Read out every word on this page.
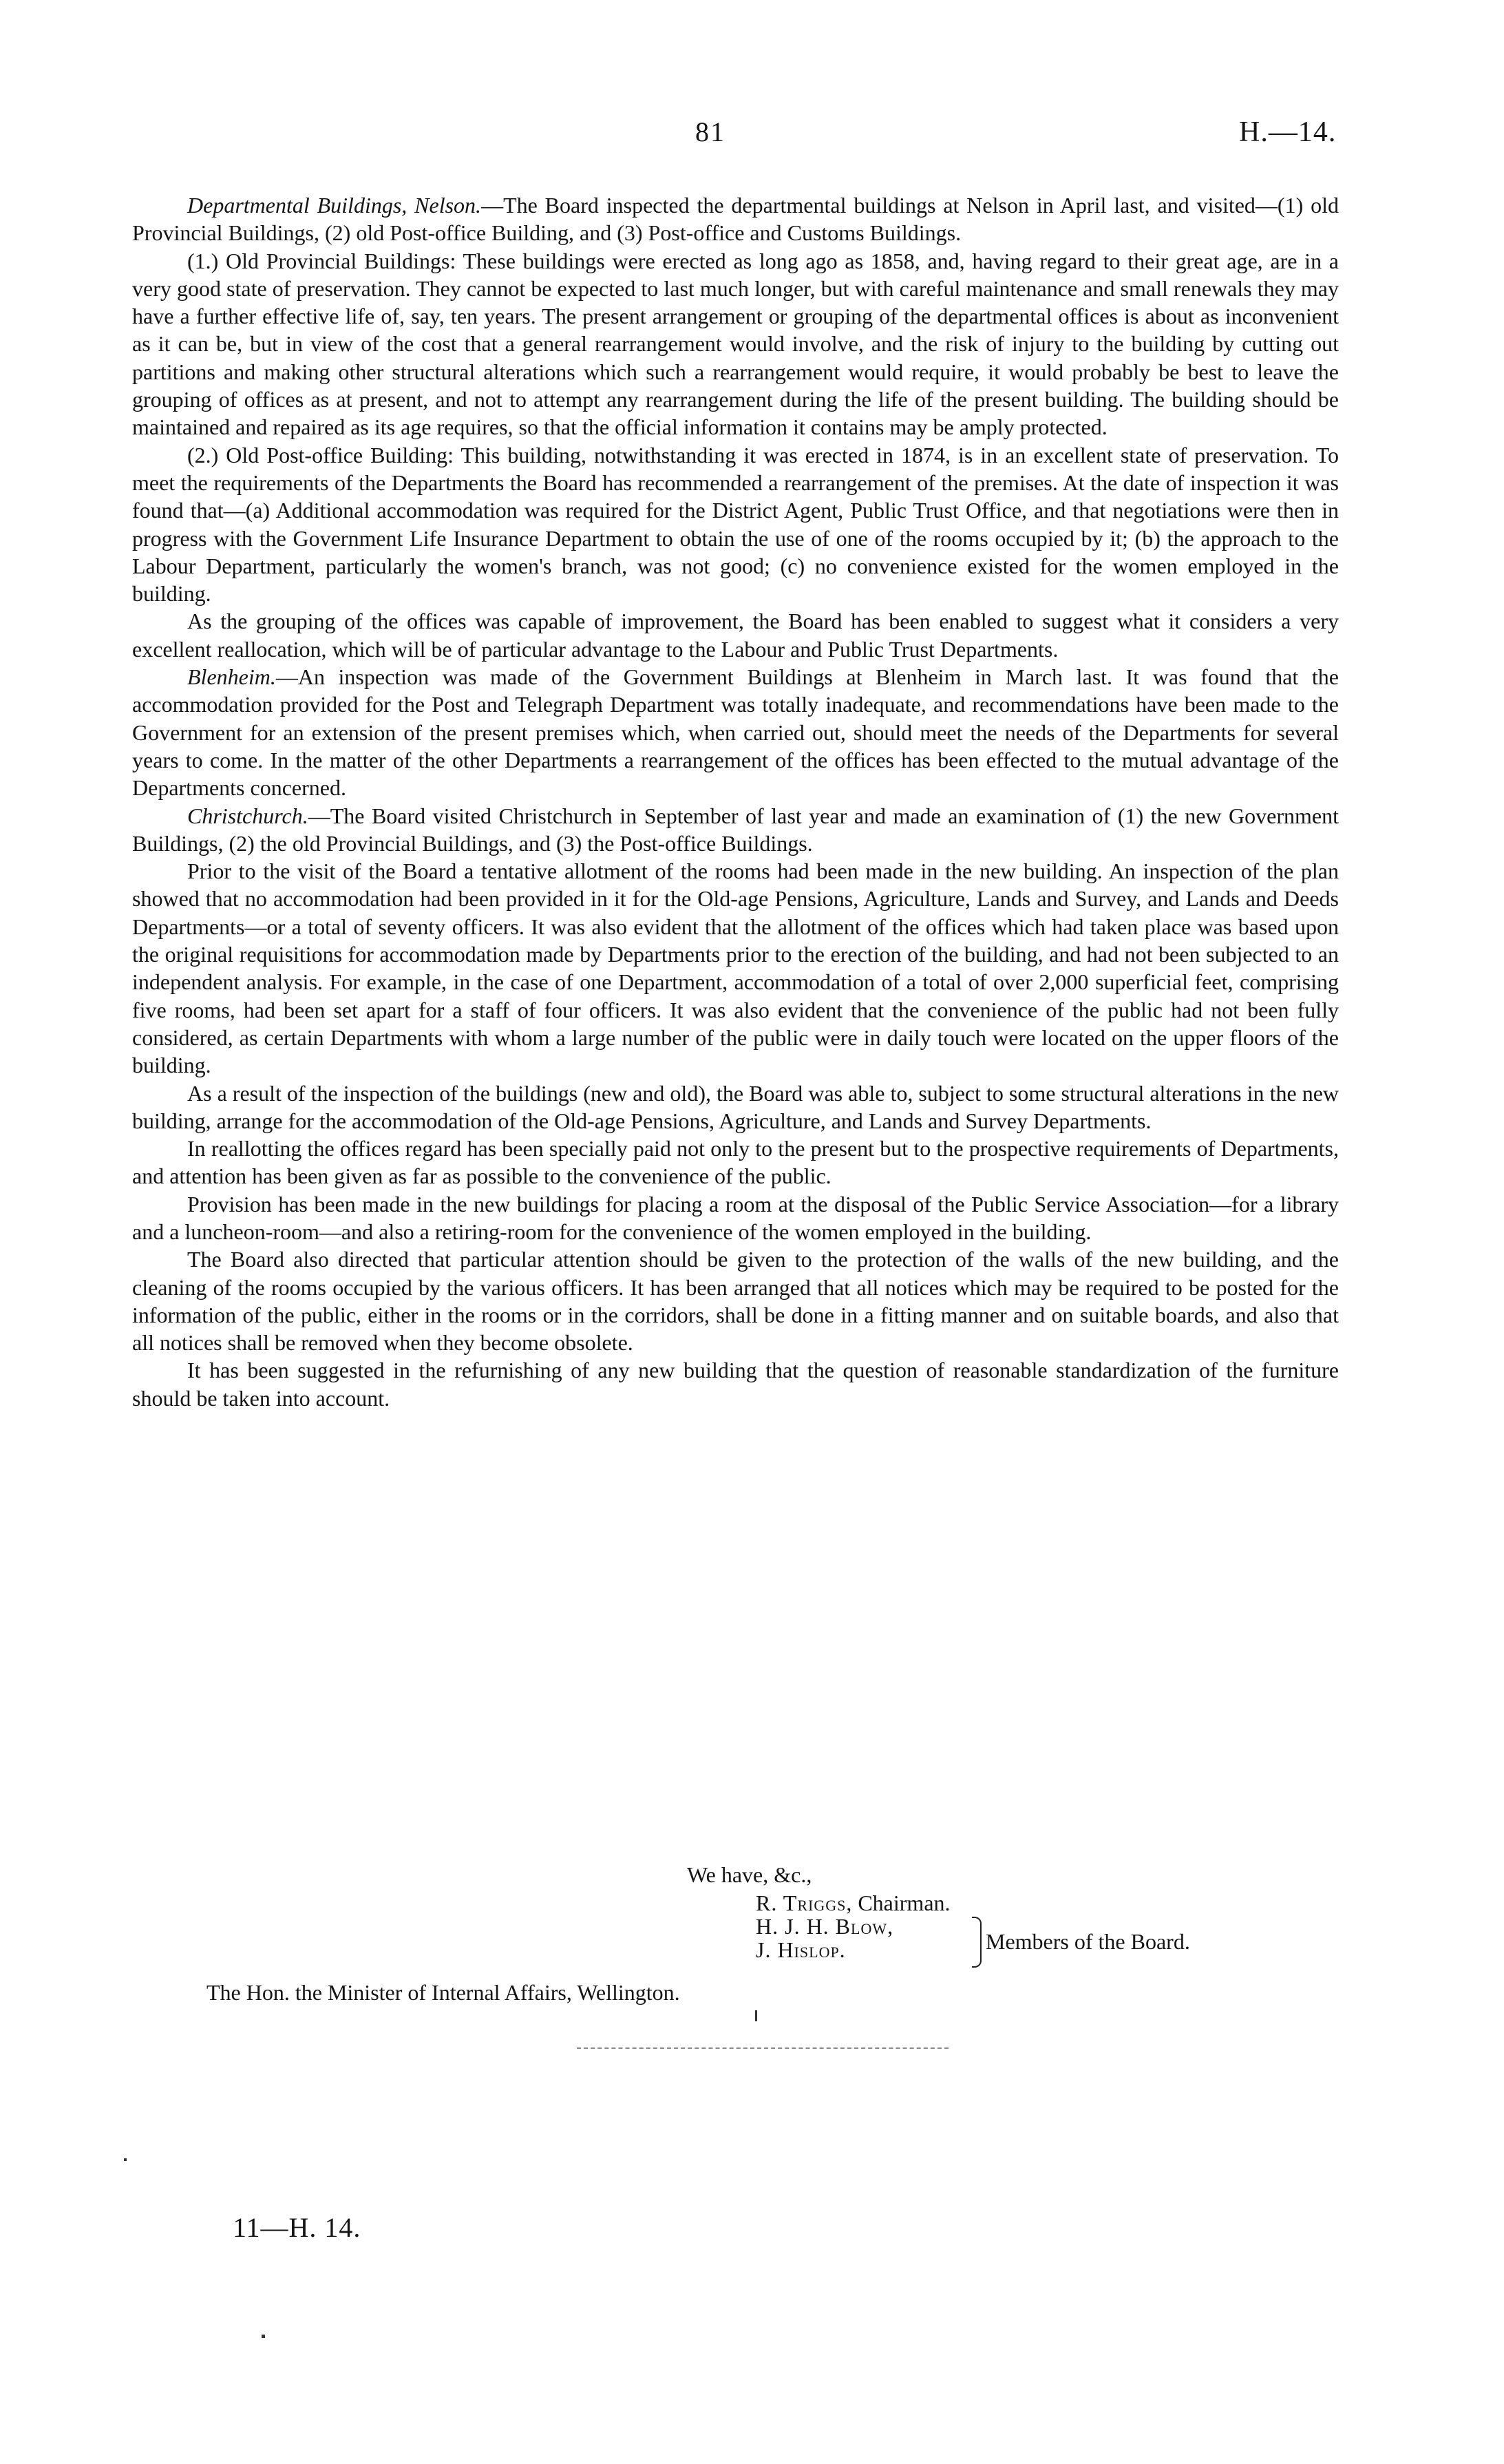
81	H.—14.

Departmental Buildings, Nelson.—The Board inspected the departmental buildings at Nelson in April last, and visited—(1) old Provincial Buildings, (2) old Post-office Building, and (3) Post-office and Customs Buildings.

(1.) Old Provincial Buildings: These buildings were erected as long ago as 1858, and, having regard to their great age, are in a very good state of preservation. They cannot be expected to last much longer, but with careful maintenance and small renewals they may have a further effective life of, say, ten years. The present arrangement or grouping of the departmental offices is about as inconvenient as it can be, but in view of the cost that a general rearrangement would involve, and the risk of injury to the building by cutting out partitions and making other structural alterations which such a rearrangement would require, it would probably be best to leave the grouping of offices as at present, and not to attempt any rearrangement during the life of the present building. The building should be maintained and repaired as its age requires, so that the official information it contains may be amply protected.

(2.) Old Post-office Building: This building, notwithstanding it was erected in 1874, is in an excellent state of preservation. To meet the requirements of the Departments the Board has recommended a rearrangement of the premises. At the date of inspection it was found that—(a) Additional accommodation was required for the District Agent, Public Trust Office, and that negotiations were then in progress with the Government Life Insurance Department to obtain the use of one of the rooms occupied by it; (b) the approach to the Labour Department, particularly the women's branch, was not good; (c) no convenience existed for the women employed in the building.

As the grouping of the offices was capable of improvement, the Board has been enabled to suggest what it considers a very excellent reallocation, which will be of particular advantage to the Labour and Public Trust Departments.

Blenheim.—An inspection was made of the Government Buildings at Blenheim in March last. It was found that the accommodation provided for the Post and Telegraph Department was totally inadequate, and recommendations have been made to the Government for an extension of the present premises which, when carried out, should meet the needs of the Departments for several years to come. In the matter of the other Departments a rearrangement of the offices has been effected to the mutual advantage of the Departments concerned.

Christchurch.—The Board visited Christchurch in September of last year and made an examination of (1) the new Government Buildings, (2) the old Provincial Buildings, and (3) the Post-office Buildings.

Prior to the visit of the Board a tentative allotment of the rooms had been made in the new building. An inspection of the plan showed that no accommodation had been provided in it for the Old-age Pensions, Agriculture, Lands and Survey, and Lands and Deeds Departments—or a total of seventy officers. It was also evident that the allotment of the offices which had taken place was based upon the original requisitions for accommodation made by Departments prior to the erection of the building, and had not been subjected to an independent analysis. For example, in the case of one Department, accommodation of a total of over 2,000 superficial feet, comprising five rooms, had been set apart for a staff of four officers. It was also evident that the convenience of the public had not been fully considered, as certain Departments with whom a large number of the public were in daily touch were located on the upper floors of the building.

As a result of the inspection of the buildings (new and old), the Board was able to, subject to some structural alterations in the new building, arrange for the accommodation of the Old-age Pensions, Agriculture, and Lands and Survey Departments.

In reallotting the offices regard has been specially paid not only to the present but to the prospective requirements of Departments, and attention has been given as far as possible to the convenience of the public.

Provision has been made in the new buildings for placing a room at the disposal of the Public Service Association—for a library and a luncheon-room—and also a retiring-room for the convenience of the women employed in the building.

The Board also directed that particular attention should be given to the protection of the walls of the new building, and the cleaning of the rooms occupied by the various officers. It has been arranged that all notices which may be required to be posted for the information of the public, either in the rooms or in the corridors, shall be done in a fitting manner and on suitable boards, and also that all notices shall be removed when they become obsolete.

It has been suggested in the refurnishing of any new building that the question of reasonable standardization of the furniture should be taken into account.

We have, &c.,
R. Triggs, Chairman.
H. J. H. Blow,
J. Hislop.	Members of the Board.
The Hon. the Minister of Internal Affairs, Wellington.
11—H. 14.
